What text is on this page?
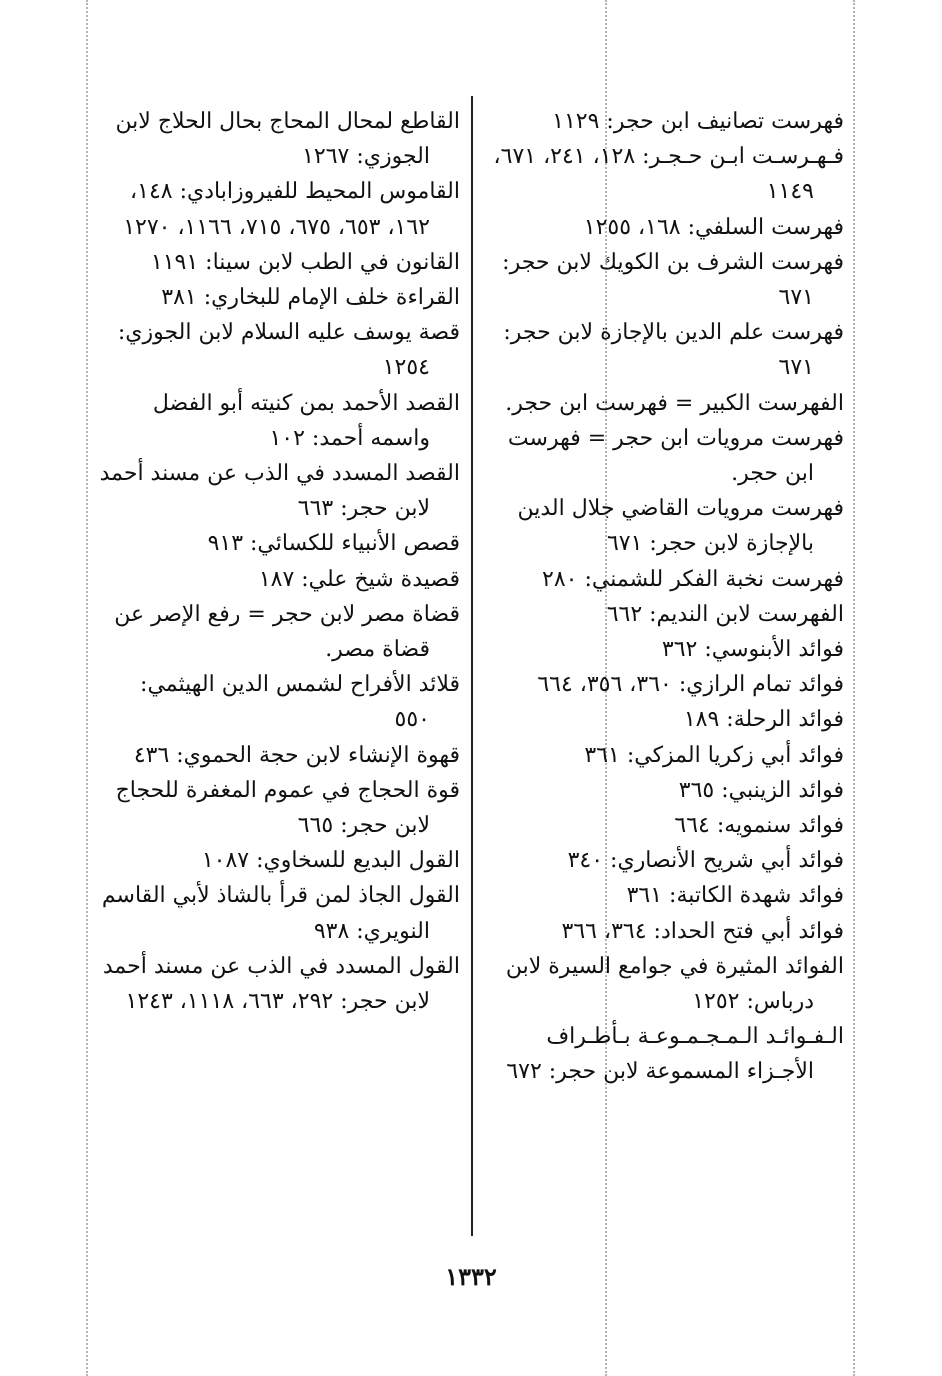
فهرست تصانيف ابن حجر: ١١٢٩

فـهـرسـت ابـن حـجـر: ١٢٨، ٢٤١، ٦٧١، ١١٤٩

فهرست السلفي: ١٦٨، ١٢٥٥

فهرست الشرف بن الكويك لابن حجر: ٦٧١

فهرست علم الدين بالإجازة لابن حجر: ٦٧١

الفهرست الكبير = فهرست ابن حجر.

فهرست مرويات ابن حجر = فهرست ابن حجر.

فهرست مرويات القاضي جلال الدين بالإجازة لابن حجر: ٦٧١

فهرست نخبة الفكر للشمني: ٢٨٠

الفهرست لابن النديم: ٦٦٢

فوائد الأبنوسي: ٣٦٢

فوائد تمام الرازي: ٣٦٠، ٣٥٦، ٦٦٤

فوائد الرحلة: ١٨٩

فوائد أبي زكريا المزكي: ٣٦١

فوائد الزينبي: ٣٦٥

فوائد سنمويه: ٦٦٤

فوائد أبي شريح الأنصاري: ٣٤٠

فوائد شهدة الكاتبة: ٣٦١

فوائد أبي فتح الحداد: ٣٦٤، ٣٦٦

الفوائد المثيرة في جوامع السيرة لابن درباس: ١٢٥٢

الـفـوائـد الـمـجـمـوعـة بـأطـراف الأجـزاء المسموعة لابن حجر: ٦٧٢

القاطع لمحال المحاج بحال الحلاج لابن الجوزي: ١٢٦٧

القاموس المحيط للفيروزابادي: ١٤٨، ١٦٢، ٦٥٣، ٦٧٥، ٧١٥، ١١٦٦، ١٢٧٠

القانون في الطب لابن سينا: ١١٩١

القراءة خلف الإمام للبخاري: ٣٨١

قصة يوسف عليه السلام لابن الجوزي: ١٢٥٤

القصد الأحمد بمن كنيته أبو الفضل واسمه أحمد: ١٠٢

القصد المسدد في الذب عن مسند أحمد لابن حجر: ٦٦٣

قصص الأنبياء للكسائي: ٩١٣

قصيدة شيخ علي: ١٨٧

قضاة مصر لابن حجر = رفع الإصر عن قضاة مصر.

قلائد الأفراح لشمس الدين الهيثمي: ٥٥٠

قهوة الإنشاء لابن حجة الحموي: ٤٣٦

قوة الحجاج في عموم المغفرة للحجاج لابن حجر: ٦٦٥

القول البديع للسخاوي: ١٠٨٧

القول الجاذ لمن قرأ بالشاذ لأبي القاسم النويري: ٩٣٨

القول المسدد في الذب عن مسند أحمد لابن حجر: ٢٩٢، ٦٦٣، ١١١٨، ١٢٤٣

١٣٣٢
